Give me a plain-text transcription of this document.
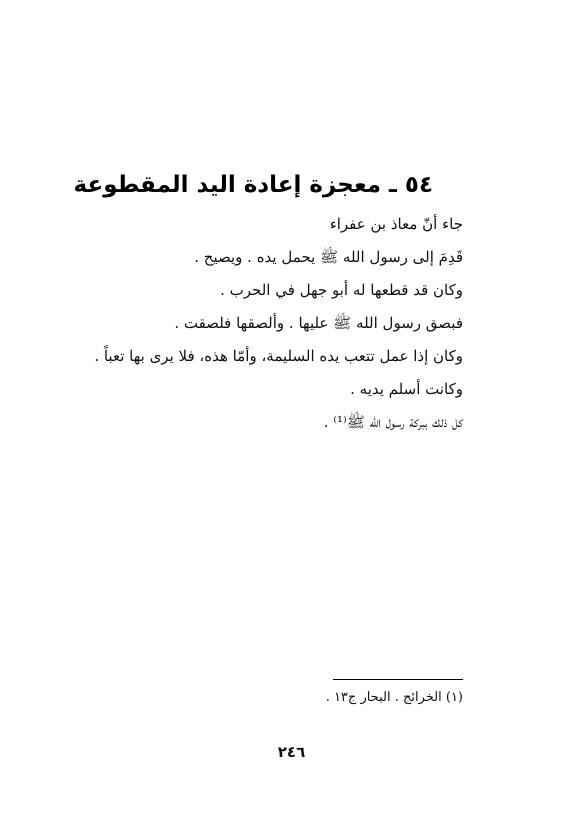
٥٤ ـ معجزة إعادة اليد المقطوعة
جاء أنّ معاذ بن عفراء
قَدِمَ إلى رسول الله ﷺ يحمل يده . ويصيح .
وكان قد قطعها له أبو جهل في الحرب .
فبصق رسول الله ﷺ عليها . وألصقها فلصقت .
وكان إذا عمل تتعب يده السليمة، وأمّا هذه، فلا يرى بها تعباً .
وكانت أسلم يديه .
كل ذلك ببركة رسول الله ﷺ⁽¹⁾ .
(١) الخرائج . البحار ج١٣ .
٢٤٦
